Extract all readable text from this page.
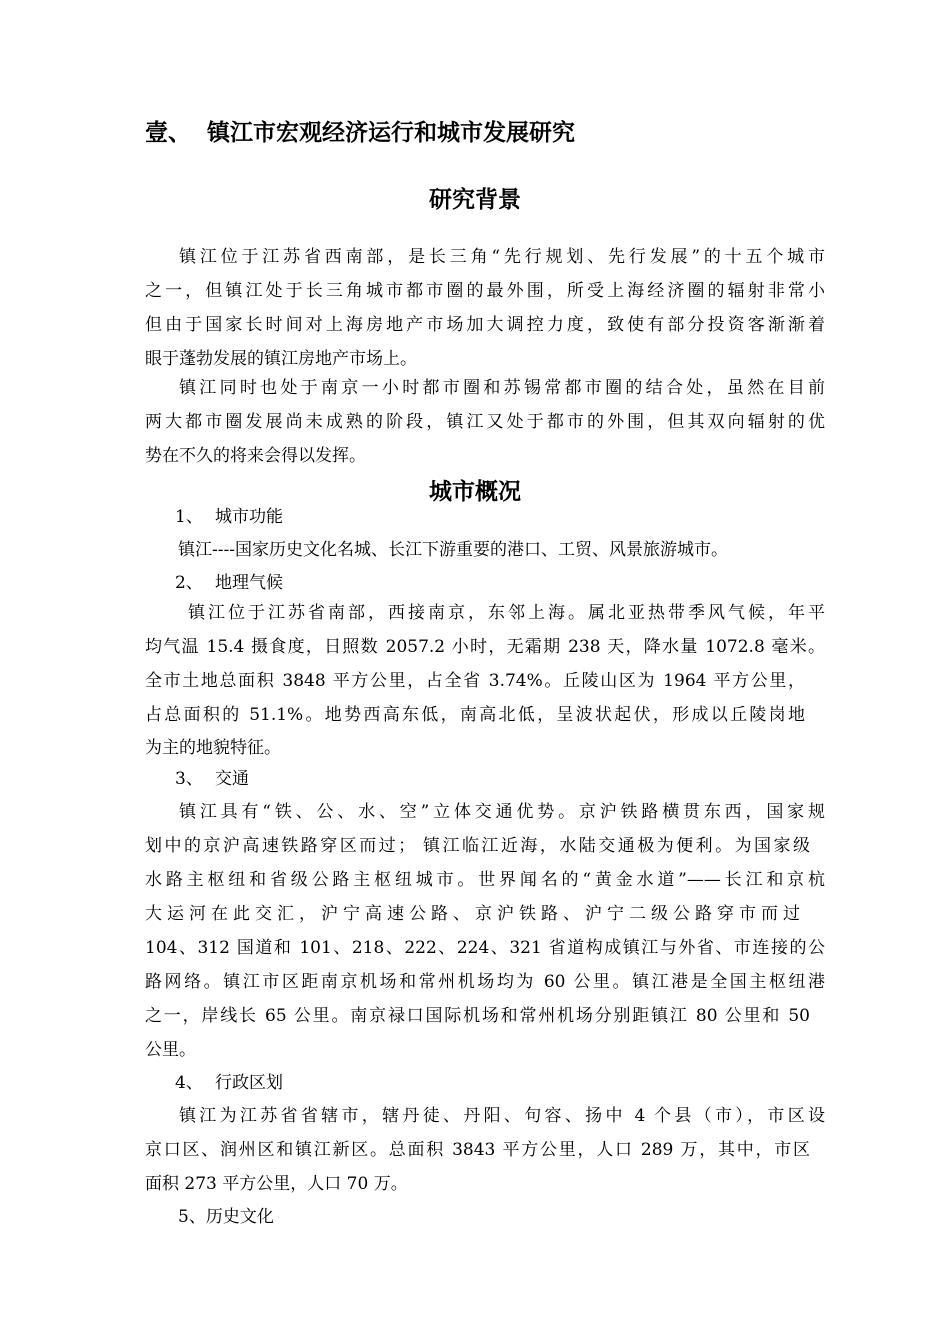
壹、 镇江市宏观经济运行和城市发展研究
研究背景
镇江位于江苏省西南部，是长三角“先行规划、先行发展”的十五个城市
之一，但镇江处于长三角城市都市圈的最外围，所受上海经济圈的辐射非常小
但由于国家长时间对上海房地产市场加大调控力度，致使有部分投资客渐渐着
眼于蓬勃发展的镇江房地产市场上。
镇江同时也处于南京一小时都市圈和苏锡常都市圈的结合处，虽然在目前
两大都市圈发展尚未成熟的阶段，镇江又处于都市的外围，但其双向辐射的优
势在不久的将来会得以发挥。
城市概况
1、 城市功能
镇江----国家历史文化名城、长江下游重要的港口、工贸、风景旅游城市。
2、 地理气候
镇江位于江苏省南部，西接南京，东邻上海。属北亚热带季风气候，年平
均气温 15.4 摄食度，日照数 2057.2 小时，无霜期 238 天，降水量 1072.8 毫米。
全市土地总面积 3848 平方公里，占全省 3.74%。丘陵山区为 1964 平方公里，
占总面积的 51.1%。地势西高东低，南高北低，呈波状起伏，形成以丘陵岗地
为主的地貌特征。
3、 交通
镇江具有“铁、公、水、空”立体交通优势。京沪铁路横贯东西，国家规
划中的京沪高速铁路穿区而过； 镇江临江近海，水陆交通极为便利。为国家级
水路主枢纽和省级公路主枢纽城市。世界闻名的“黄金水道”——长江和京杭
大运河在此交汇，沪宁高速公路、京沪铁路、沪宁二级公路穿市而过
104、312 国道和 101、218、222、224、321 省道构成镇江与外省、市连接的公
路网络。镇江市区距南京机场和常州机场均为 60 公里。镇江港是全国主枢纽港
之一，岸线长 65 公里。南京禄口国际机场和常州机场分别距镇江 80 公里和 50
公里。
4、 行政区划
镇江为江苏省省辖市，辖丹徒、丹阳、句容、扬中 4 个县（市），市区设
京口区、润州区和镇江新区。总面积 3843 平方公里，人口 289 万，其中，市区
面积 273 平方公里，人口 70 万。
5、历史文化
